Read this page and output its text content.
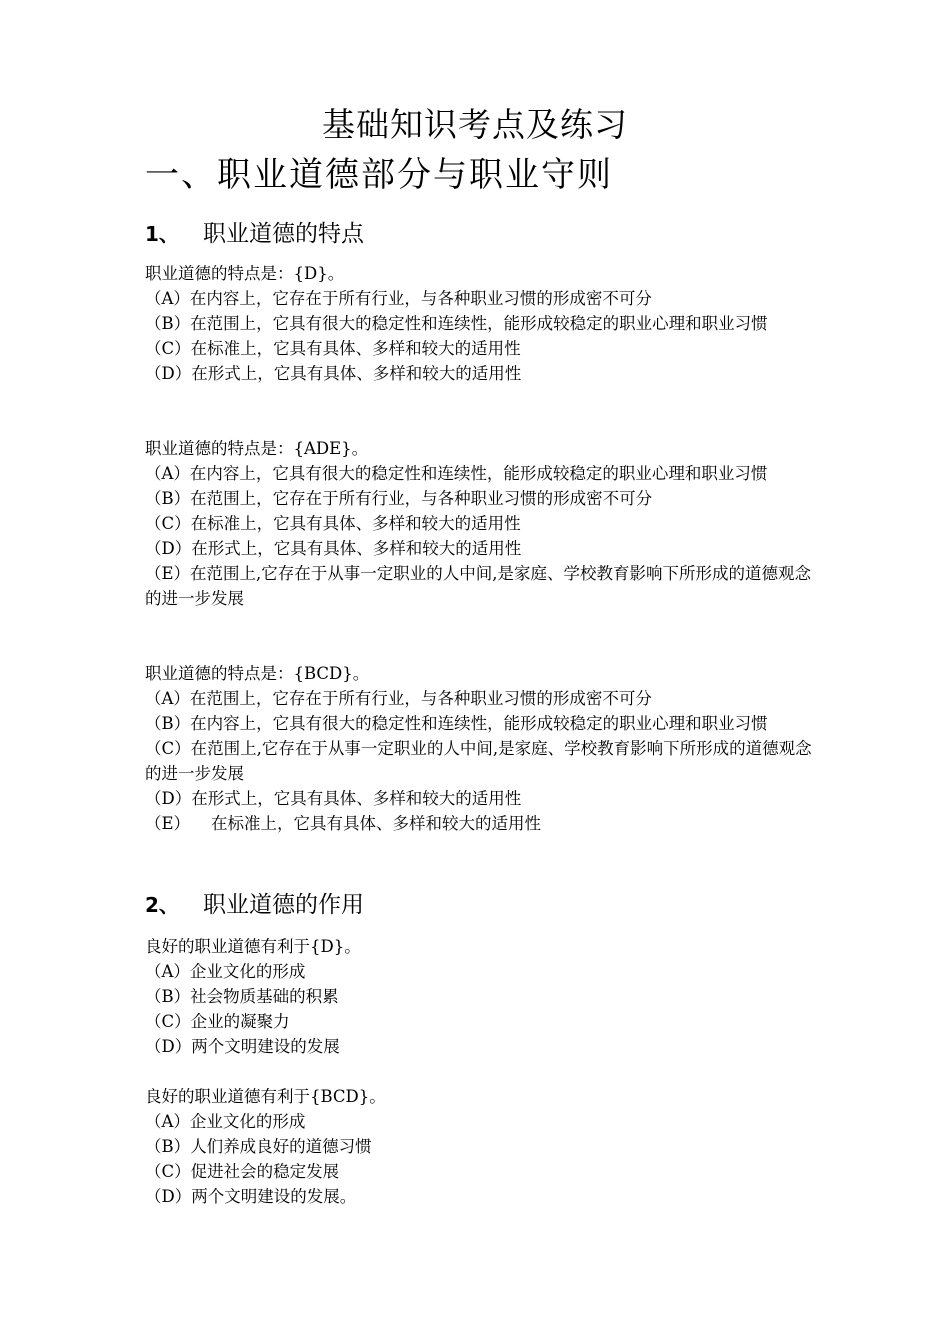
基础知识考点及练习
一、职业道德部分与职业守则
1、	职业道德的特点
职业道德的特点是：{D}。
（A）在内容上，它存在于所有行业，与各种职业习惯的形成密不可分
（B）在范围上，它具有很大的稳定性和连续性，能形成较稳定的职业心理和职业习惯
（C）在标准上，它具有具体、多样和较大的适用性
（D）在形式上，它具有具体、多样和较大的适用性
职业道德的特点是：{ADE}。
（A）在内容上，它具有很大的稳定性和连续性，能形成较稳定的职业心理和职业习惯
（B）在范围上，它存在于所有行业，与各种职业习惯的形成密不可分
（C）在标准上，它具有具体、多样和较大的适用性
（D）在形式上，它具有具体、多样和较大的适用性
（E）在范围上,它存在于从事一定职业的人中间,是家庭、学校教育影响下所形成的道德观念的进一步发展
职业道德的特点是：{BCD}。
（A）在范围上，它存在于所有行业，与各种职业习惯的形成密不可分
（B）在内容上，它具有很大的稳定性和连续性，能形成较稳定的职业心理和职业习惯
（C）在范围上,它存在于从事一定职业的人中间,是家庭、学校教育影响下所形成的道德观念的进一步发展
（D）在形式上，它具有具体、多样和较大的适用性
（E）    在标准上，它具有具体、多样和较大的适用性
2、	职业道德的作用
良好的职业道德有利于{D}。
（A）企业文化的形成
（B）社会物质基础的积累
（C）企业的凝聚力
（D）两个文明建设的发展
良好的职业道德有利于{BCD}。
（A）企业文化的形成
（B）人们养成良好的道德习惯
（C）促进社会的稳定发展
（D）两个文明建设的发展。
